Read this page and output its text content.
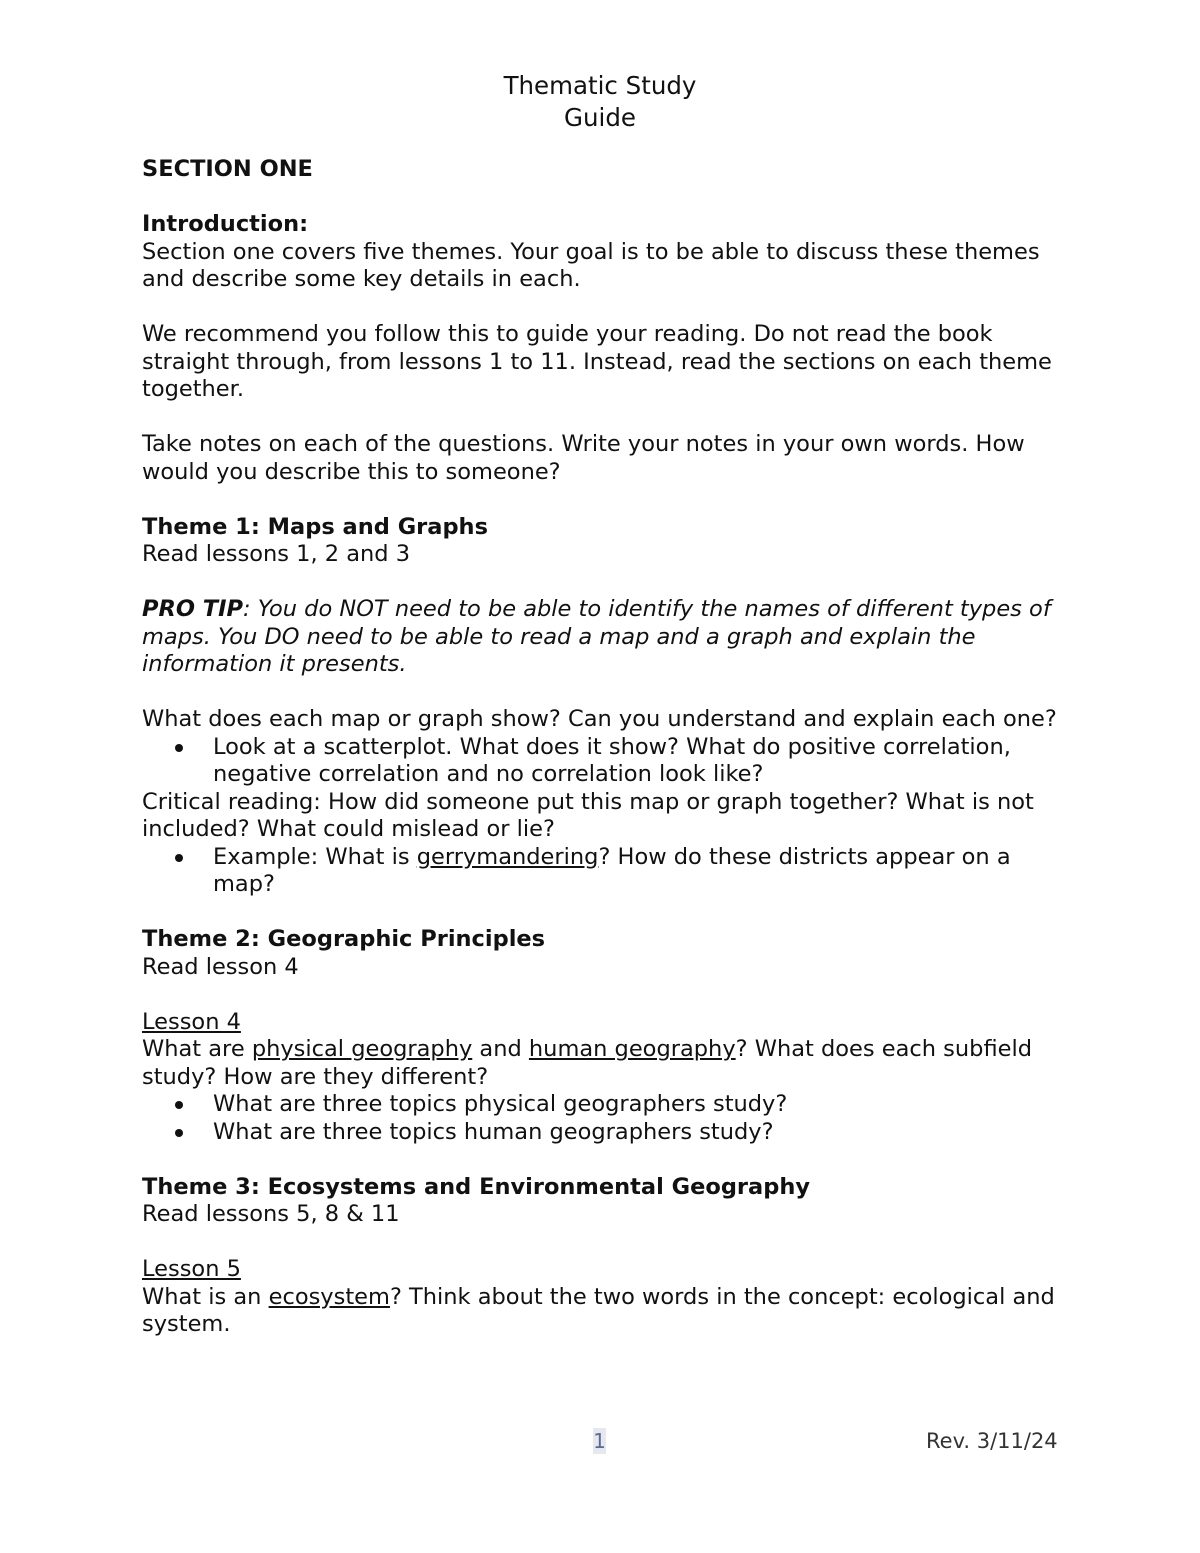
Thematic Study
Guide

SECTION ONE

Introduction:

Section one covers five themes. Your goal is to be able to discuss these themes and describe some key details in each.

We recommend you follow this to guide your reading. Do not read the book straight through, from lessons 1 to 11. Instead, read the sections on each theme together.

Take notes on each of the questions. Write your notes in your own words. How would you describe this to someone?

Theme 1: Maps and Graphs

Read lessons 1, 2 and 3

PRO TIP: You do NOT need to be able to identify the names of different types of maps. You DO need to be able to read a map and a graph and explain the information it presents.

What does each map or graph show? Can you understand and explain each one?

Look at a scatterplot. What does it show? What do positive correlation, negative correlation and no correlation look like?

Critical reading: How did someone put this map or graph together? What is not included? What could mislead or lie?

Example: What is gerrymandering? How do these districts appear on a map?

Theme 2: Geographic Principles

Read lesson 4

Lesson 4

What are physical geography and human geography? What does each subfield study? How are they different?

What are three topics physical geographers study?
What are three topics human geographers study?

Theme 3: Ecosystems and Environmental Geography

Read lessons 5, 8 & 11

Lesson 5

What is an ecosystem? Think about the two words in the concept: ecological and system.

1	Rev. 3/11/24
